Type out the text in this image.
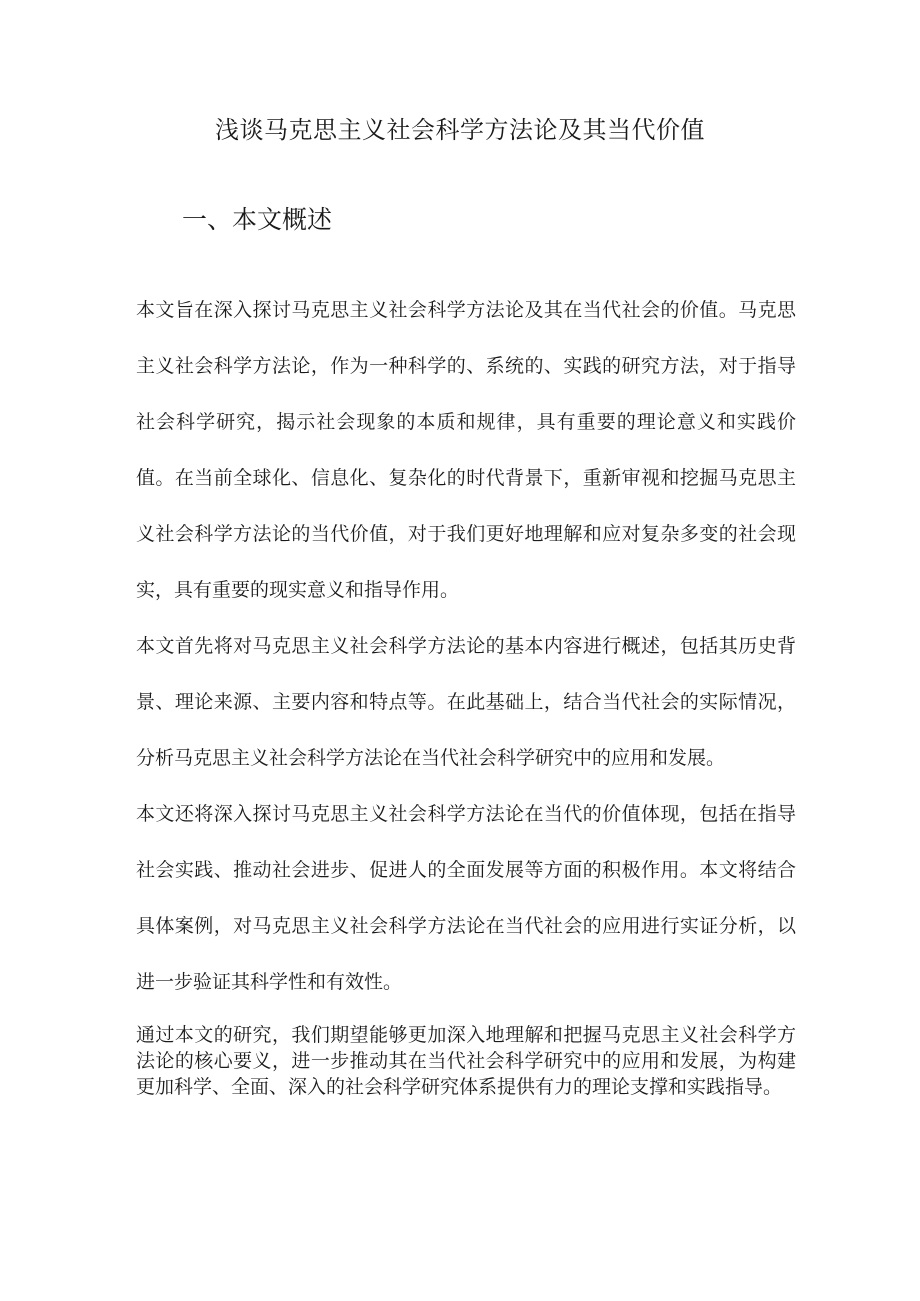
浅谈马克思主义社会科学方法论及其当代价值
一、本文概述

本文旨在深入探讨马克思主义社会科学方法论及其在当代社会的价值。马克思主义社会科学方法论，作为一种科学的、系统的、实践的研究方法，对于指导社会科学研究，揭示社会现象的本质和规律，具有重要的理论意义和实践价值。在当前全球化、信息化、复杂化的时代背景下，重新审视和挖掘马克思主义社会科学方法论的当代价值，对于我们更好地理解和应对复杂多变的社会现实，具有重要的现实意义和指导作用。

本文首先将对马克思主义社会科学方法论的基本内容进行概述，包括其历史背景、理论来源、主要内容和特点等。在此基础上，结合当代社会的实际情况，分析马克思主义社会科学方法论在当代社会科学研究中的应用和发展。

本文还将深入探讨马克思主义社会科学方法论在当代的价值体现，包括在指导社会实践、推动社会进步、促进人的全面发展等方面的积极作用。本文将结合具体案例，对马克思主义社会科学方法论在当代社会的应用进行实证分析，以进一步验证其科学性和有效性。

通过本文的研究，我们期望能够更加深入地理解和把握马克思主义社会科学方法论的核心要义，进一步推动其在当代社会科学研究中的应用和发展，为构建更加科学、全面、深入的社会科学研究体系提供有力的理论支撑和实践指导。
